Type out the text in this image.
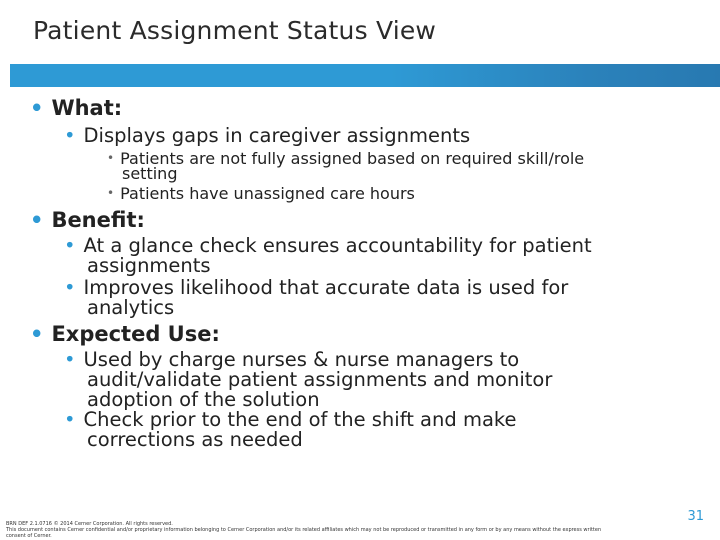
Patient Assignment Status View
• What:
• Displays gaps in caregiver assignments
• Patients are not fully assigned based on required skill/role
setting
• Patients have unassigned care hours
• Benefit:
• At a glance check ensures accountability for patient
assignments
• Improves likelihood that accurate data is used for
analytics
• Expected Use:
• Used by charge nurses & nurse managers to
audit/validate patient assignments and monitor
adoption of the solution
• Check prior to the end of the shift and make
corrections as needed
BRN DEF 2.1.0716 © 2014 Cerner Corporation. All rights reserved.
This document contains Cerner confidential and/or proprietary information belonging to Cerner Corporation and/or its related affiliates which may not be reproduced or transmitted in any form or by any means without the express written
consent of Cerner.
31
